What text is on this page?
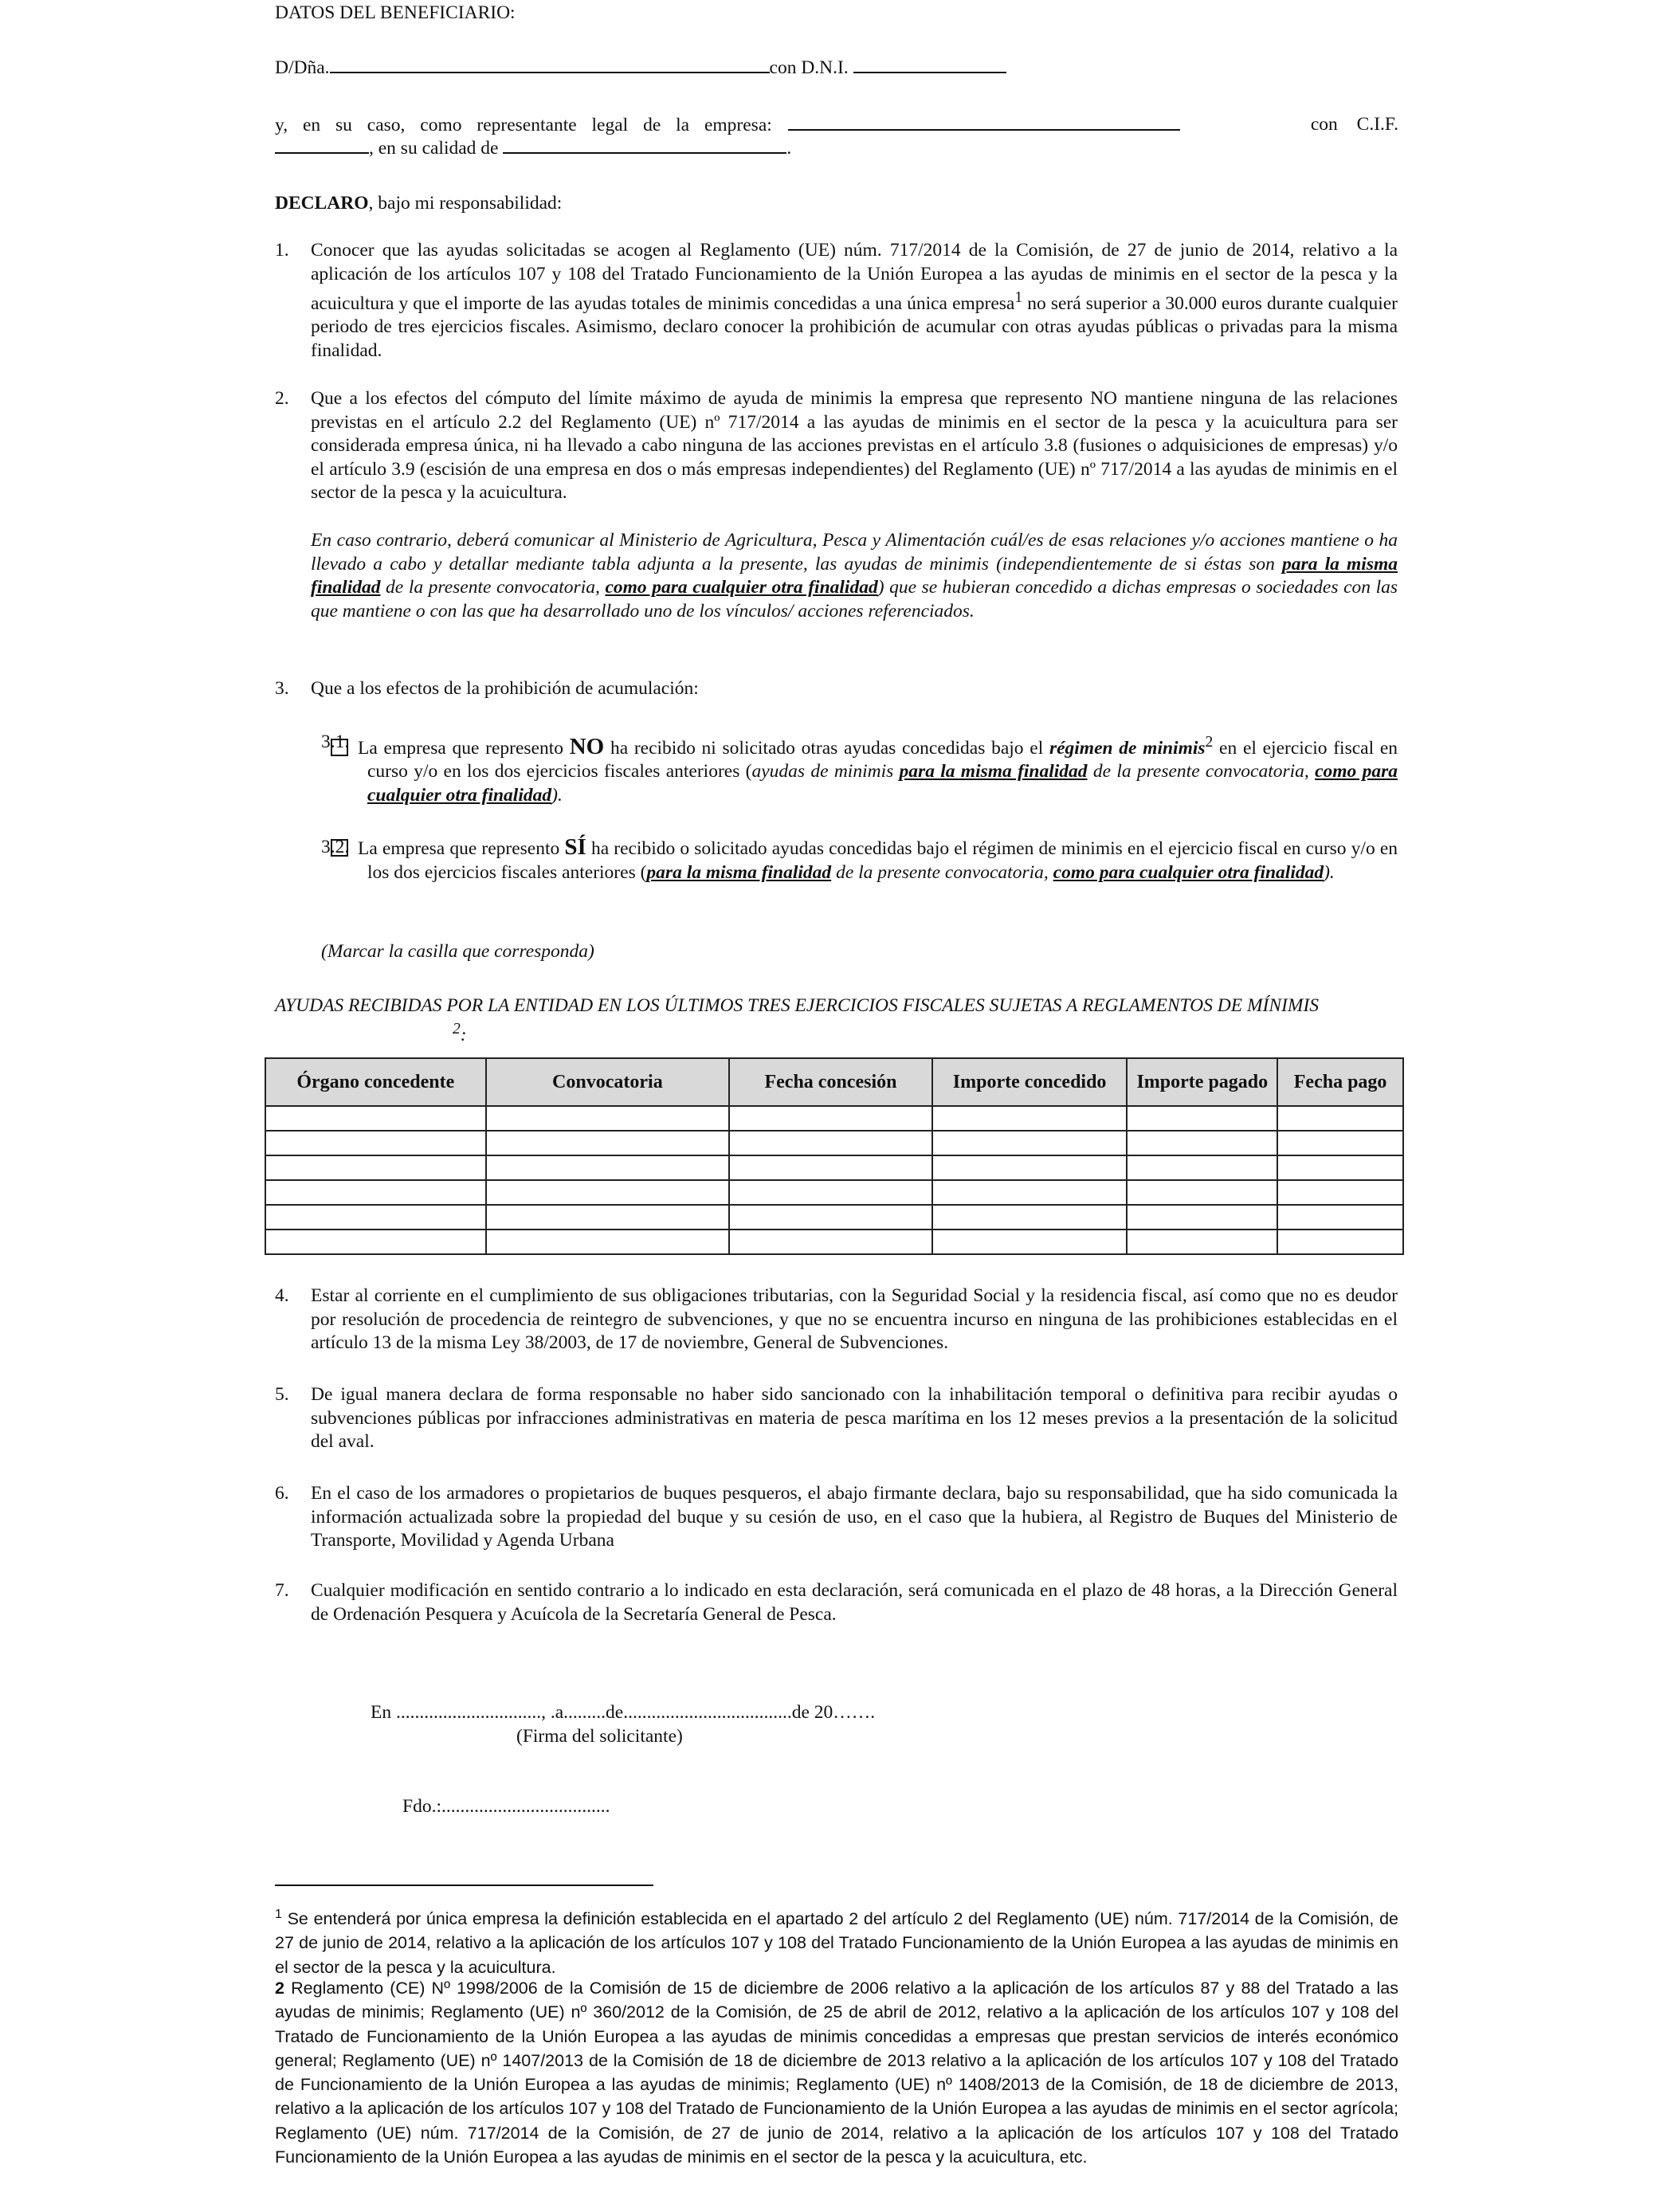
DATOS DEL BENEFICIARIO:
D/Dña.	con D.N.I.
y, en su caso, como representante legal de la empresa:	con C.I.F.
, en su calidad de	.
DECLARO, bajo mi responsabilidad:
1. Conocer que las ayudas solicitadas se acogen al Reglamento (UE) núm. 717/2014 de la Comisión, de 27 de junio de 2014, relativo a la aplicación de los artículos 107 y 108 del Tratado Funcionamiento de la Unión Europea a las ayudas de minimis en el sector de la pesca y la acuicultura y que el importe de las ayudas totales de minimis concedidas a una única empresa$^1$ no será superior a 30.000 euros durante cualquier periodo de tres ejercicios fiscales. Asimismo, declaro conocer la prohibición de acumular con otras ayudas públicas o privadas para la misma finalidad.
2. Que a los efectos del cómputo del límite máximo de ayuda de minimis la empresa que represento NO mantiene ninguna de las relaciones previstas en el artículo 2.2 del Reglamento (UE) nº 717/2014 a las ayudas de minimis en el sector de la pesca y la acuicultura para ser considerada empresa única, ni ha llevado a cabo ninguna de las acciones previstas en el artículo 3.8 (fusiones o adquisiciones de empresas) y/o el artículo 3.9 (escisión de una empresa en dos o más empresas independientes) del Reglamento (UE) nº 717/2014 a las ayudas de minimis en el sector de la pesca y la acuicultura.
En caso contrario, deberá comunicar al Ministerio de Agricultura, Pesca y Alimentación cuál/es de esas relaciones y/o acciones mantiene o ha llevado a cabo y detallar mediante tabla adjunta a la presente, las ayudas de minimis (independientemente de si éstas son para la misma finalidad de la presente convocatoria, como para cualquier otra finalidad) que se hubieran concedido a dichas empresas o sociedades con las que mantiene o con las que ha desarrollado uno de los vínculos/ acciones referenciados.
3. Que a los efectos de la prohibición de acumulación:
3.1. La empresa que represento NO ha recibido ni solicitado otras ayudas concedidas bajo el régimen de minimis$^2$ en el ejercicio fiscal en curso y/o en los dos ejercicios fiscales anteriores (ayudas de minimis para la misma finalidad de la presente convocatoria, como para cualquier otra finalidad).
3.2. La empresa que represento SÍ ha recibido o solicitado ayudas concedidas bajo el régimen de minimis en el ejercicio fiscal en curso y/o en los dos ejercicios fiscales anteriores (para la misma finalidad de la presente convocatoria, como para cualquier otra finalidad).
(Marcar la casilla que corresponda)
AYUDAS RECIBIDAS POR LA ENTIDAD EN LOS ÚLTIMOS TRES EJERCICIOS FISCALES SUJETAS A REGLAMENTOS DE MÍNIMIS
$^2$:
Órgano concedente	Convocatoria	Fecha concesión	Importe concedido	Importe pagado	Fecha pago

4. Estar al corriente en el cumplimiento de sus obligaciones tributarias, con la Seguridad Social y la residencia fiscal, así como que no es deudor por resolución de procedencia de reintegro de subvenciones, y que no se encuentra incurso en ninguna de las prohibiciones establecidas en el artículo 13 de la misma Ley 38/2003, de 17 de noviembre, General de Subvenciones.
5. De igual manera declara de forma responsable no haber sido sancionado con la inhabilitación temporal o definitiva para recibir ayudas o subvenciones públicas por infracciones administrativas en materia de pesca marítima en los 12 meses previos a la presentación de la solicitud del aval.
6. En el caso de los armadores o propietarios de buques pesqueros, el abajo firmante declara, bajo su responsabilidad, que ha sido comunicada la información actualizada sobre la propiedad del buque y su cesión de uso, en el caso que la hubiera, al Registro de Buques del Ministerio de Transporte, Movilidad y Agenda Urbana
7. Cualquier modificación en sentido contrario a lo indicado en esta declaración, será comunicada en el plazo de 48 horas, a la Dirección General de Ordenación Pesquera y Acuícola de la Secretaría General de Pesca.
En ..............................., .a.........de....................................de 20…….
(Firma del solicitante)
Fdo.:....................................
$^1$ Se entenderá por única empresa la definición establecida en el apartado 2 del artículo 2 del Reglamento (UE) núm. 717/2014 de la Comisión, de 27 de junio de 2014, relativo a la aplicación de los artículos 107 y 108 del Tratado Funcionamiento de la Unión Europea a las ayudas de minimis en el sector de la pesca y la acuicultura.
2 Reglamento (CE) Nº 1998/2006 de la Comisión de 15 de diciembre de 2006 relativo a la aplicación de los artículos 87 y 88 del Tratado a las ayudas de minimis; Reglamento (UE) nº 360/2012 de la Comisión, de 25 de abril de 2012, relativo a la aplicación de los artículos 107 y 108 del Tratado de Funcionamiento de la Unión Europea a las ayudas de minimis concedidas a empresas que prestan servicios de interés económico general; Reglamento (UE) nº 1407/2013 de la Comisión de 18 de diciembre de 2013 relativo a la aplicación de los artículos 107 y 108 del Tratado de Funcionamiento de la Unión Europea a las ayudas de minimis; Reglamento (UE) nº 1408/2013 de la Comisión, de 18 de diciembre de 2013, relativo a la aplicación de los artículos 107 y 108 del Tratado de Funcionamiento de la Unión Europea a las ayudas de minimis en el sector agrícola; Reglamento (UE) núm. 717/2014 de la Comisión, de 27 de junio de 2014, relativo a la aplicación de los artículos 107 y 108 del Tratado Funcionamiento de la Unión Europea a las ayudas de minimis en el sector de la pesca y la acuicultura, etc.
